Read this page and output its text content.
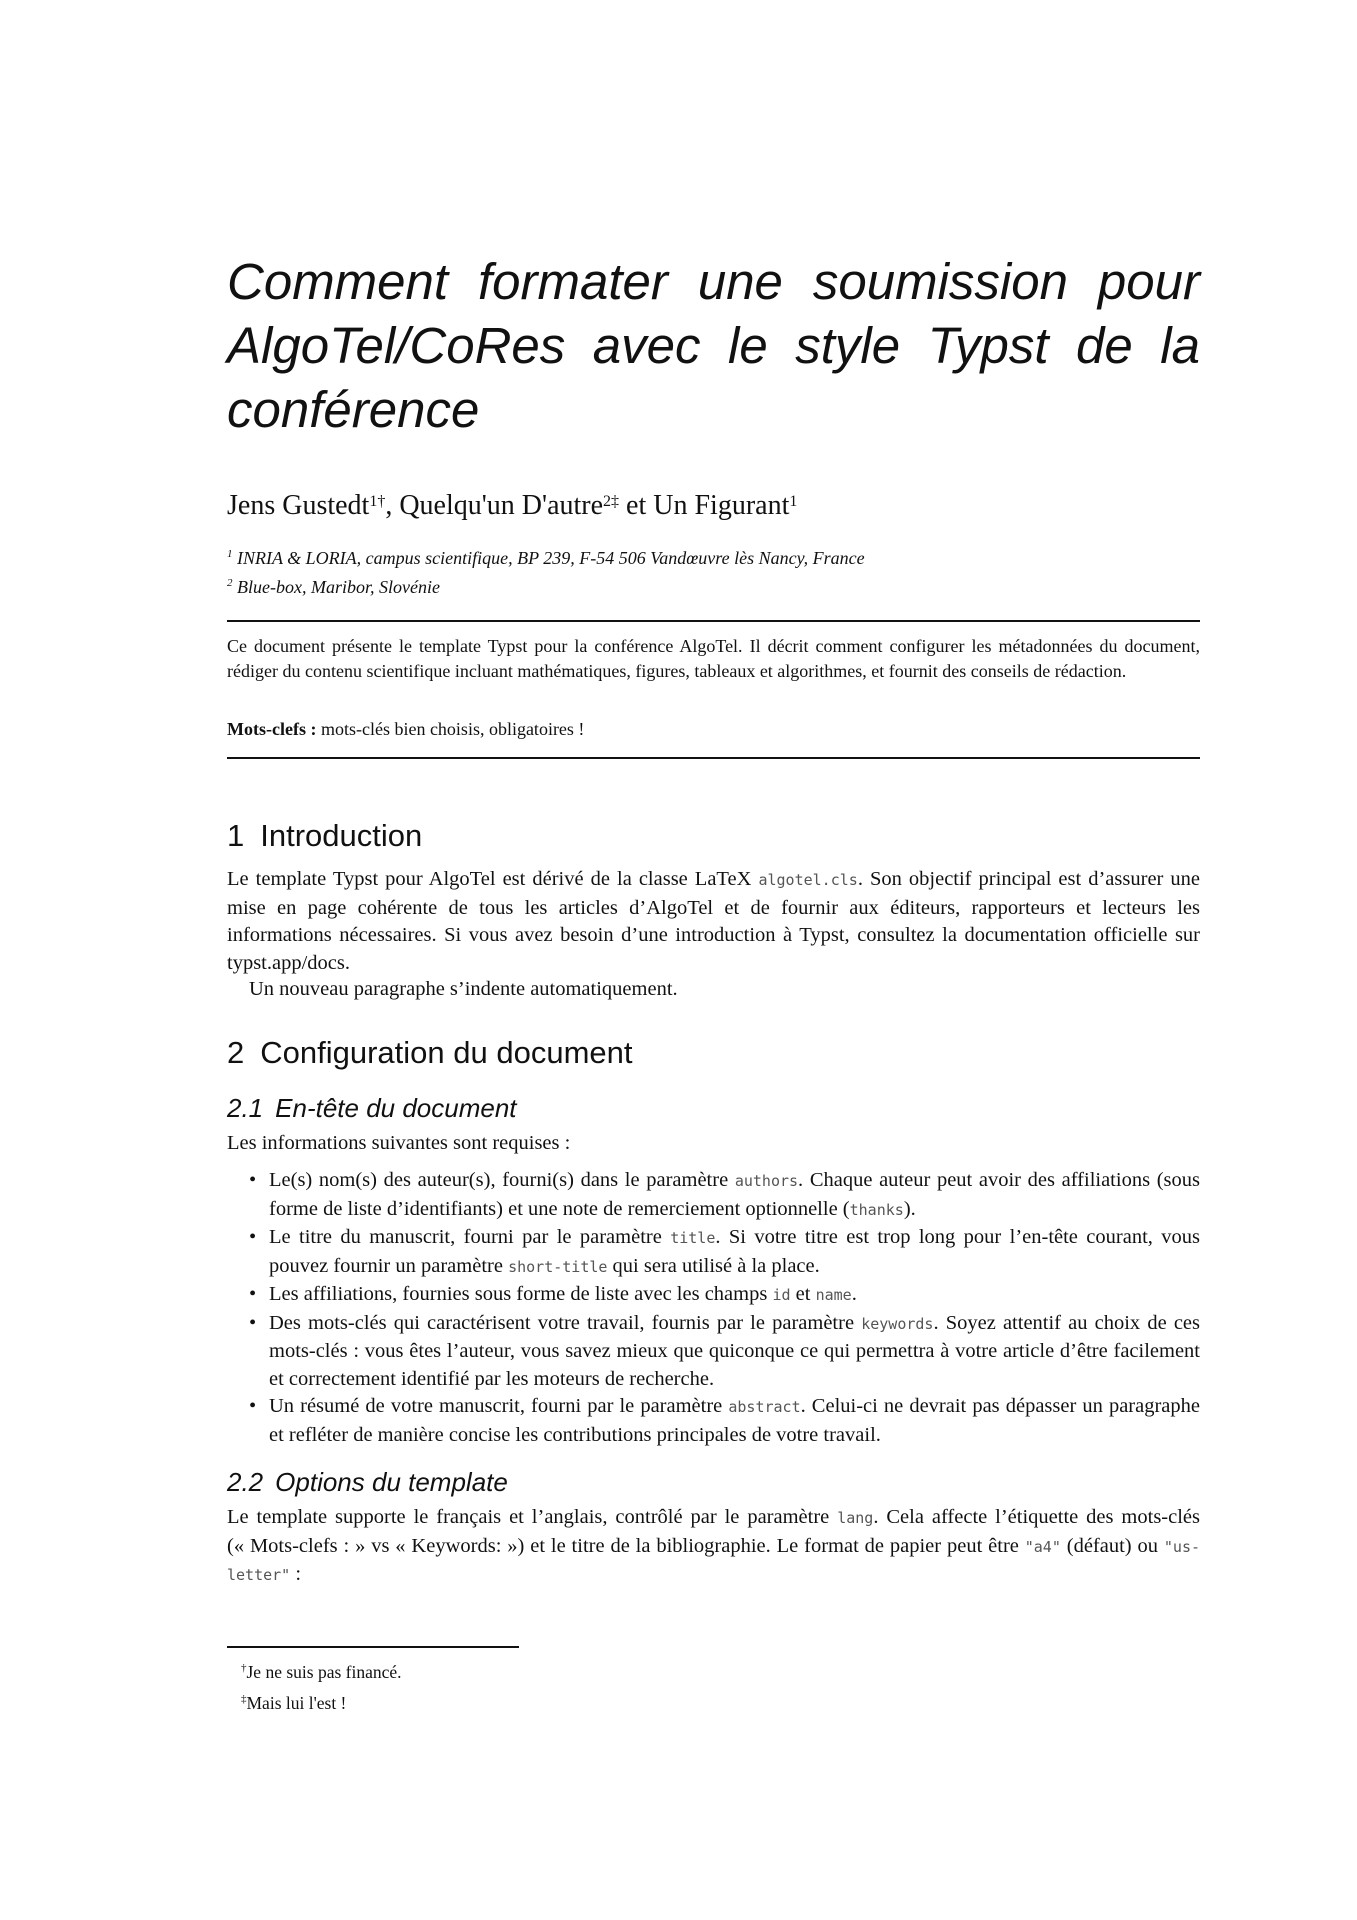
Comment formater une soumission pour AlgoTel/CoRes avec le style Typst de la conférence
Jens Gustedt$^{1\dagger}$, Quelqu'un D'autre$^{2\ddagger}$ et Un Figurant$^1$
$^1$ INRIA & LORIA, campus scientifique, BP 239, F-54 506 Vandœuvre lès Nancy, France
$^2$ Blue-box, Maribor, Slovénie
Ce document présente le template Typst pour la conférence AlgoTel. Il décrit comment configurer les métadonnées du document, rédiger du contenu scientifique incluant mathématiques, figures, tableaux et algorithmes, et fournit des conseils de rédaction.
Mots-clefs : mots-clés bien choisis, obligatoires !
1 Introduction

Le template Typst pour AlgoTel est dérivé de la classe LaTeX algotel.cls. Son objectif principal est d’assurer une mise en page cohérente de tous les articles d’AlgoTel et de fournir aux éditeurs, rapporteurs et lecteurs les informations nécessaires. Si vous avez besoin d’une introduction à Typst, consultez la documentation officielle sur typst.app/docs.

Un nouveau paragraphe s’indente automatiquement.

2 Configuration du document
2.1 En-tête du document

Les informations suivantes sont requises :

• Le(s) nom(s) des auteur(s), fourni(s) dans le paramètre authors. Chaque auteur peut avoir des affiliations (sous forme de liste d’identifiants) et une note de remerciement optionnelle (thanks).
• Le titre du manuscrit, fourni par le paramètre title. Si votre titre est trop long pour l’en-tête courant, vous pouvez fournir un paramètre short-title qui sera utilisé à la place.
• Les affiliations, fournies sous forme de liste avec les champs id et name.
• Des mots-clés qui caractérisent votre travail, fournis par le paramètre keywords. Soyez attentif au choix de ces mots-clés : vous êtes l’auteur, vous savez mieux que quiconque ce qui permettra à votre article d’être facilement et correctement identifié par les moteurs de recherche.
• Un résumé de votre manuscrit, fourni par le paramètre abstract. Celui-ci ne devrait pas dépasser un paragraphe et refléter de manière concise les contributions principales de votre travail.
2.2 Options du template

Le template supporte le français et l’anglais, contrôlé par le paramètre lang. Cela affecte l’étiquette des mots-clés (« Mots-clefs : » vs « Keywords: ») et le titre de la bibliographie. Le format de papier peut être "a4" (défaut) ou "us-letter" :

†Je ne suis pas financé.
‡Mais lui l'est !
